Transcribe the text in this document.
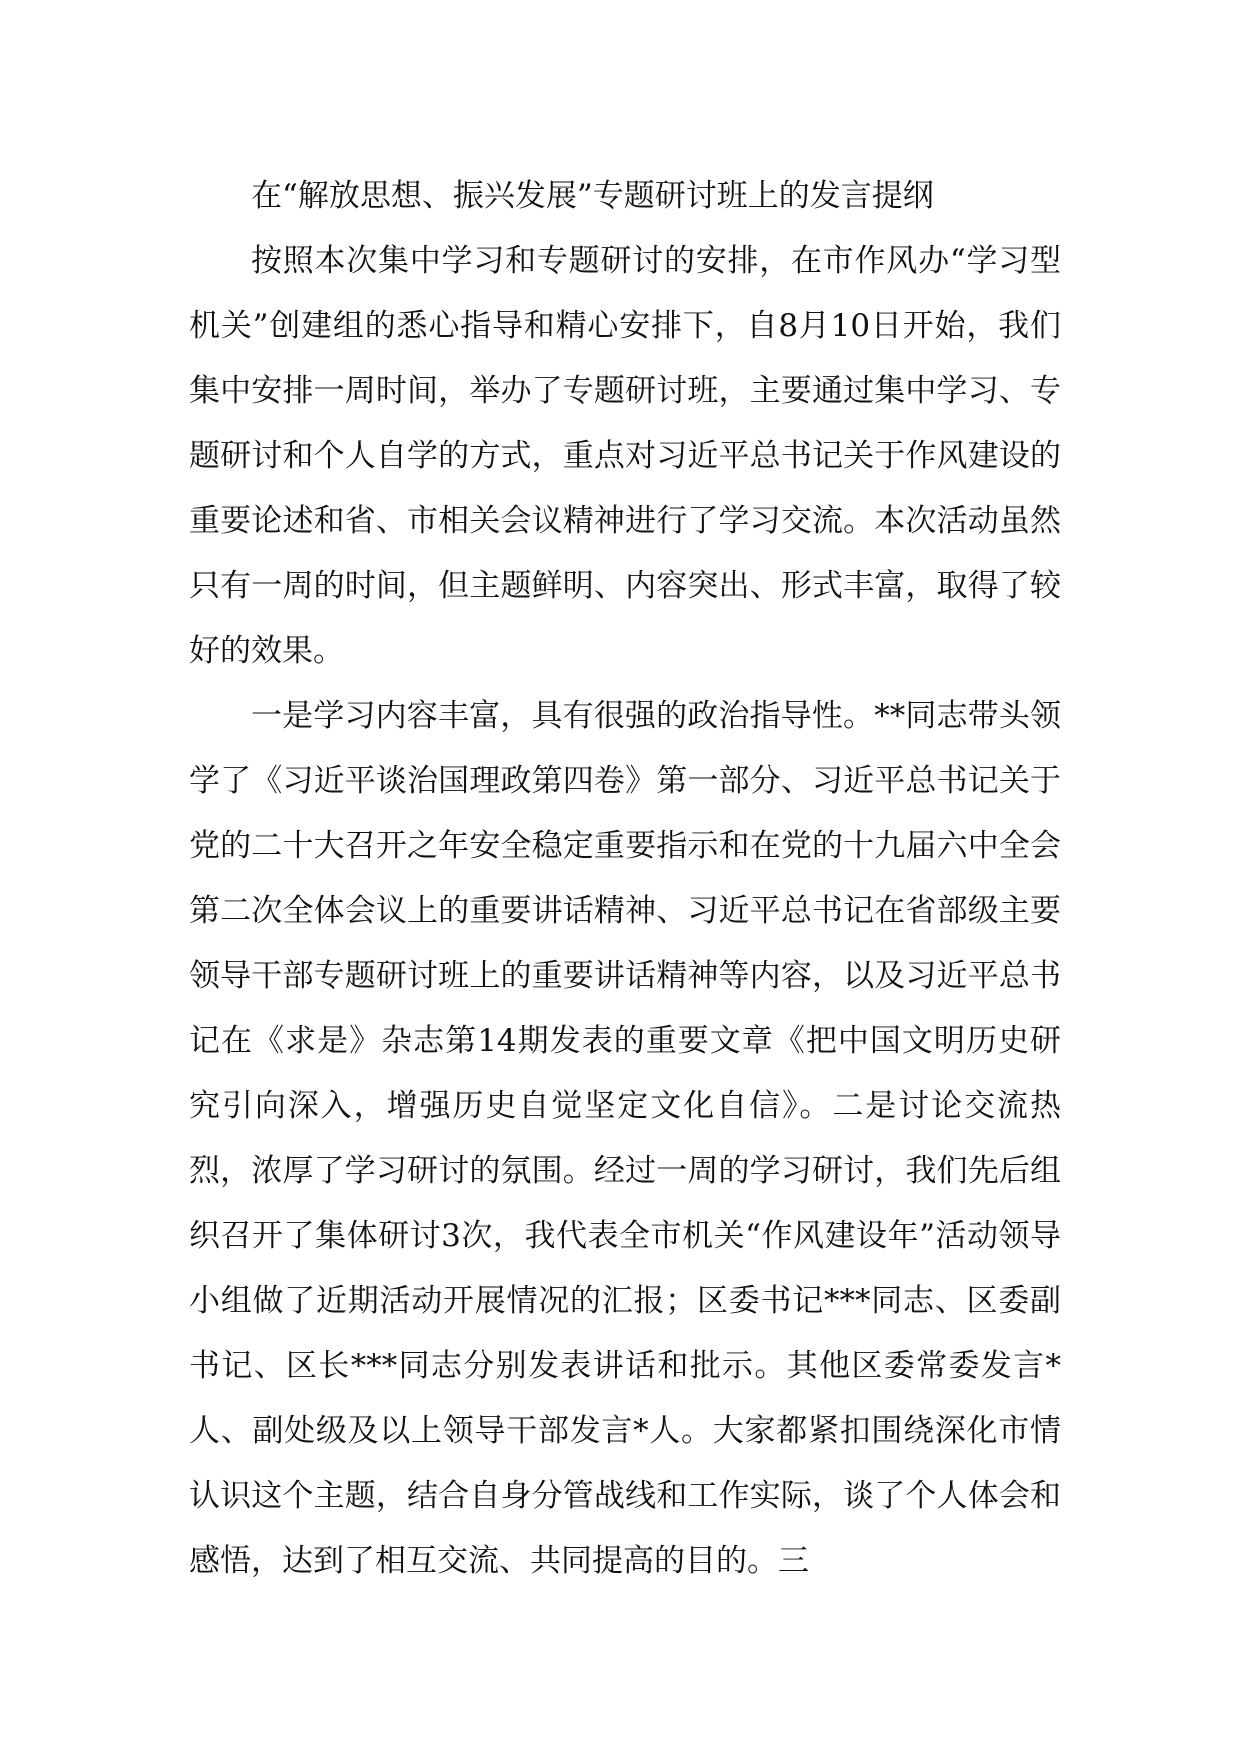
在“解放思想、振兴发展”专题研讨班上的发言提纲

按照本次集中学习和专题研讨的安排，在市作风办“学习型机关”创建组的悉心指导和精心安排下，自8月10日开始，我们集中安排一周时间，举办了专题研讨班，主要通过集中学习、专题研讨和个人自学的方式，重点对习近平总书记关于作风建设的重要论述和省、市相关会议精神进行了学习交流。本次活动虽然只有一周的时间，但主题鲜明、内容突出、形式丰富，取得了较好的效果。

一是学习内容丰富，具有很强的政治指导性。**同志带头领学了《习近平谈治国理政第四卷》第一部分、习近平总书记关于党的二十大召开之年安全稳定重要指示和在党的十九届六中全会第二次全体会议上的重要讲话精神、习近平总书记在省部级主要领导干部专题研讨班上的重要讲话精神等内容，以及习近平总书记在《求是》杂志第14期发表的重要文章《把中国文明历史研究引向深入，增强历史自觉坚定文化自信》。二是讨论交流热烈，浓厚了学习研讨的氛围。经过一周的学习研讨，我们先后组织召开了集体研讨3次，我代表全市机关“作风建设年”活动领导小组做了近期活动开展情况的汇报；区委书记***同志、区委副书记、区长***同志分别发表讲话和批示。其他区委常委发言*人、副处级及以上领导干部发言*人。大家都紧扣围绕深化市情认识这个主题，结合自身分管战线和工作实际，谈了个人体会和感悟，达到了相互交流、共同提高的目的。三
